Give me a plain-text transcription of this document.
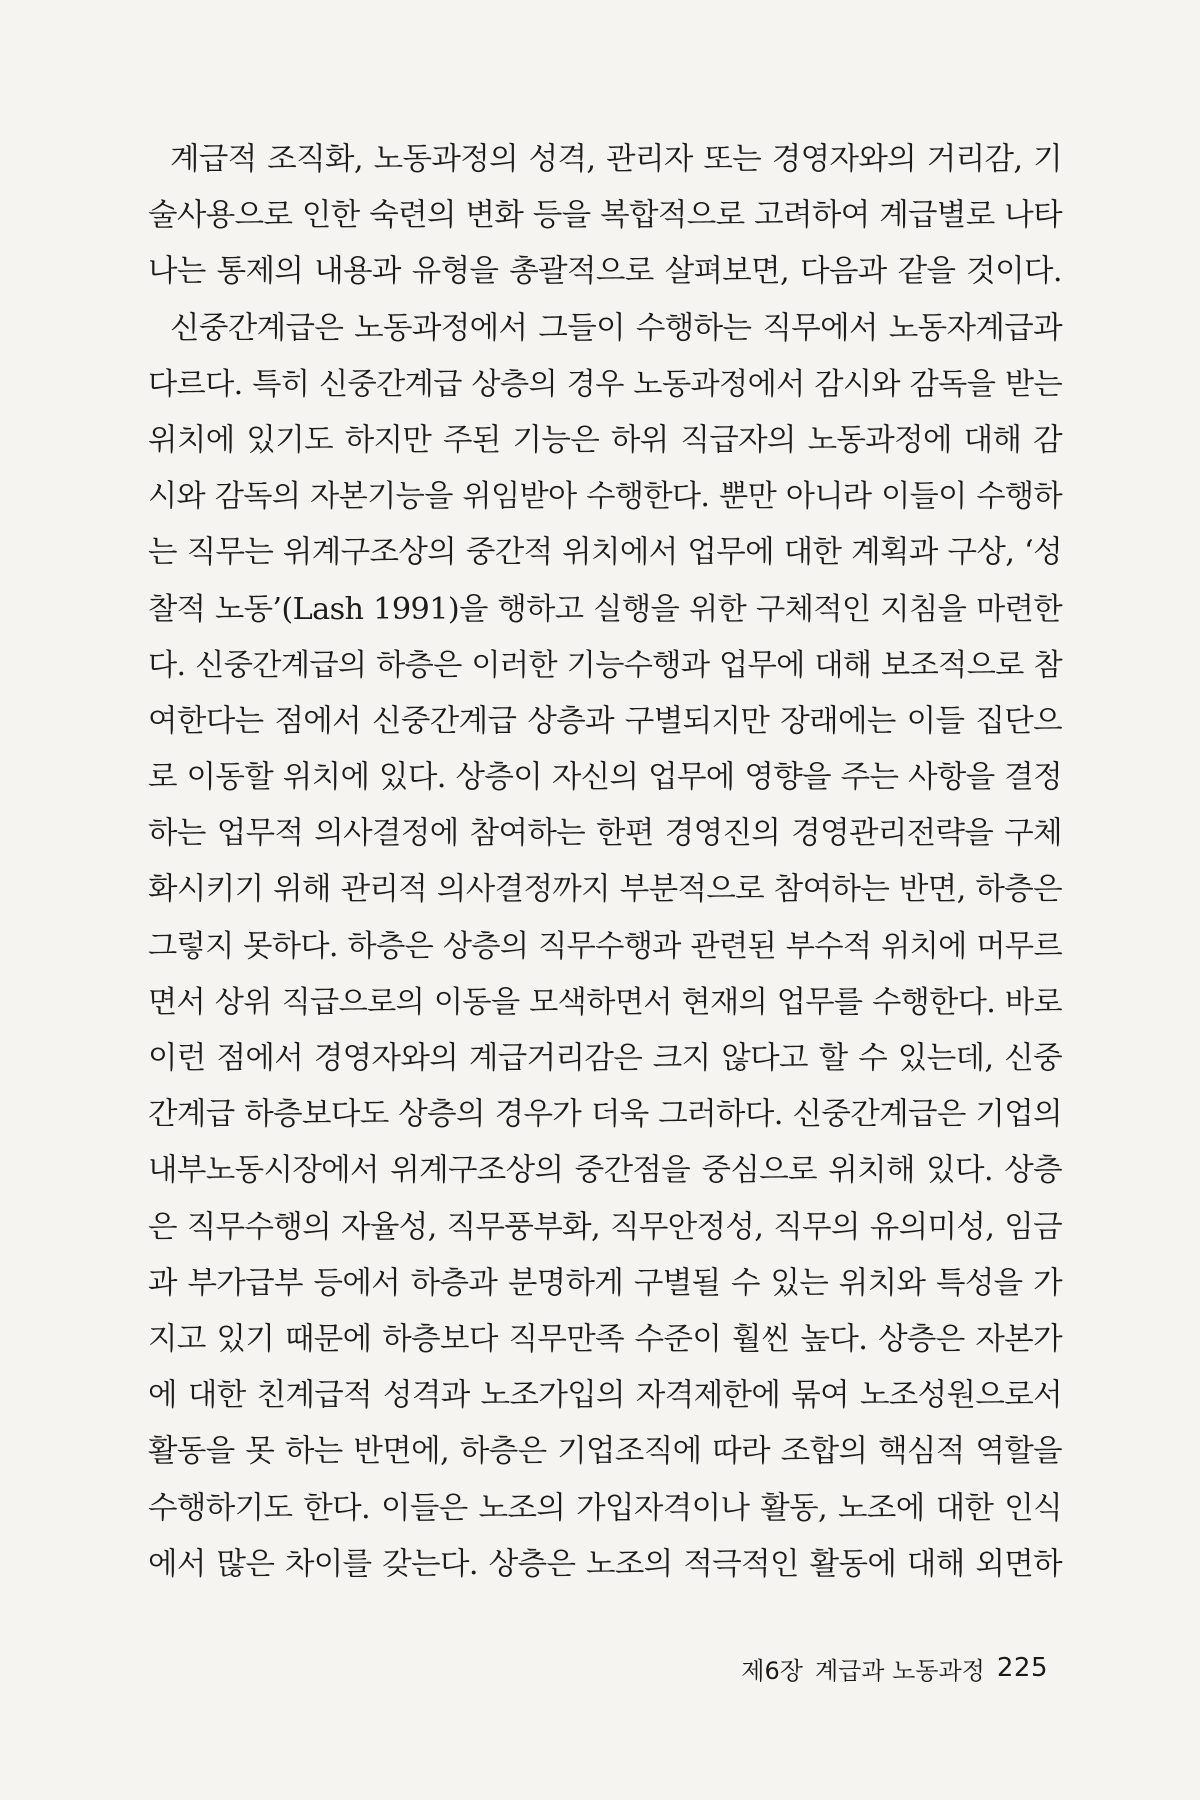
계급적 조직화, 노동과정의 성격, 관리자 또는 경영자와의 거리감, 기
술사용으로 인한 숙련의 변화 등을 복합적으로 고려하여 계급별로 나타
나는 통제의 내용과 유형을 총괄적으로 살펴보면, 다음과 같을 것이다.
신중간계급은 노동과정에서 그들이 수행하는 직무에서 노동자계급과
다르다. 특히 신중간계급 상층의 경우 노동과정에서 감시와 감독을 받는
위치에 있기도 하지만 주된 기능은 하위 직급자의 노동과정에 대해 감
시와 감독의 자본기능을 위임받아 수행한다. 뿐만 아니라 이들이 수행하
는 직무는 위계구조상의 중간적 위치에서 업무에 대한 계획과 구상, ‘성
찰적 노동’(Lash 1991)을 행하고 실행을 위한 구체적인 지침을 마련한
다. 신중간계급의 하층은 이러한 기능수행과 업무에 대해 보조적으로 참
여한다는 점에서 신중간계급 상층과 구별되지만 장래에는 이들 집단으
로 이동할 위치에 있다. 상층이 자신의 업무에 영향을 주는 사항을 결정
하는 업무적 의사결정에 참여하는 한편 경영진의 경영관리전략을 구체
화시키기 위해 관리적 의사결정까지 부분적으로 참여하는 반면, 하층은
그렇지 못하다. 하층은 상층의 직무수행과 관련된 부수적 위치에 머무르
면서 상위 직급으로의 이동을 모색하면서 현재의 업무를 수행한다. 바로
이런 점에서 경영자와의 계급거리감은 크지 않다고 할 수 있는데, 신중
간계급 하층보다도 상층의 경우가 더욱 그러하다. 신중간계급은 기업의
내부노동시장에서 위계구조상의 중간점을 중심으로 위치해 있다. 상층
은 직무수행의 자율성, 직무풍부화, 직무안정성, 직무의 유의미성, 임금
과 부가급부 등에서 하층과 분명하게 구별될 수 있는 위치와 특성을 가
지고 있기 때문에 하층보다 직무만족 수준이 훨씬 높다. 상층은 자본가
에 대한 친계급적 성격과 노조가입의 자격제한에 묶여 노조성원으로서
활동을 못 하는 반면에, 하층은 기업조직에 따라 조합의 핵심적 역할을
수행하기도 한다. 이들은 노조의 가입자격이나 활동, 노조에 대한 인식
에서 많은 차이를 갖는다. 상층은 노조의 적극적인 활동에 대해 외면하
제6장 계급과 노동과정 225
